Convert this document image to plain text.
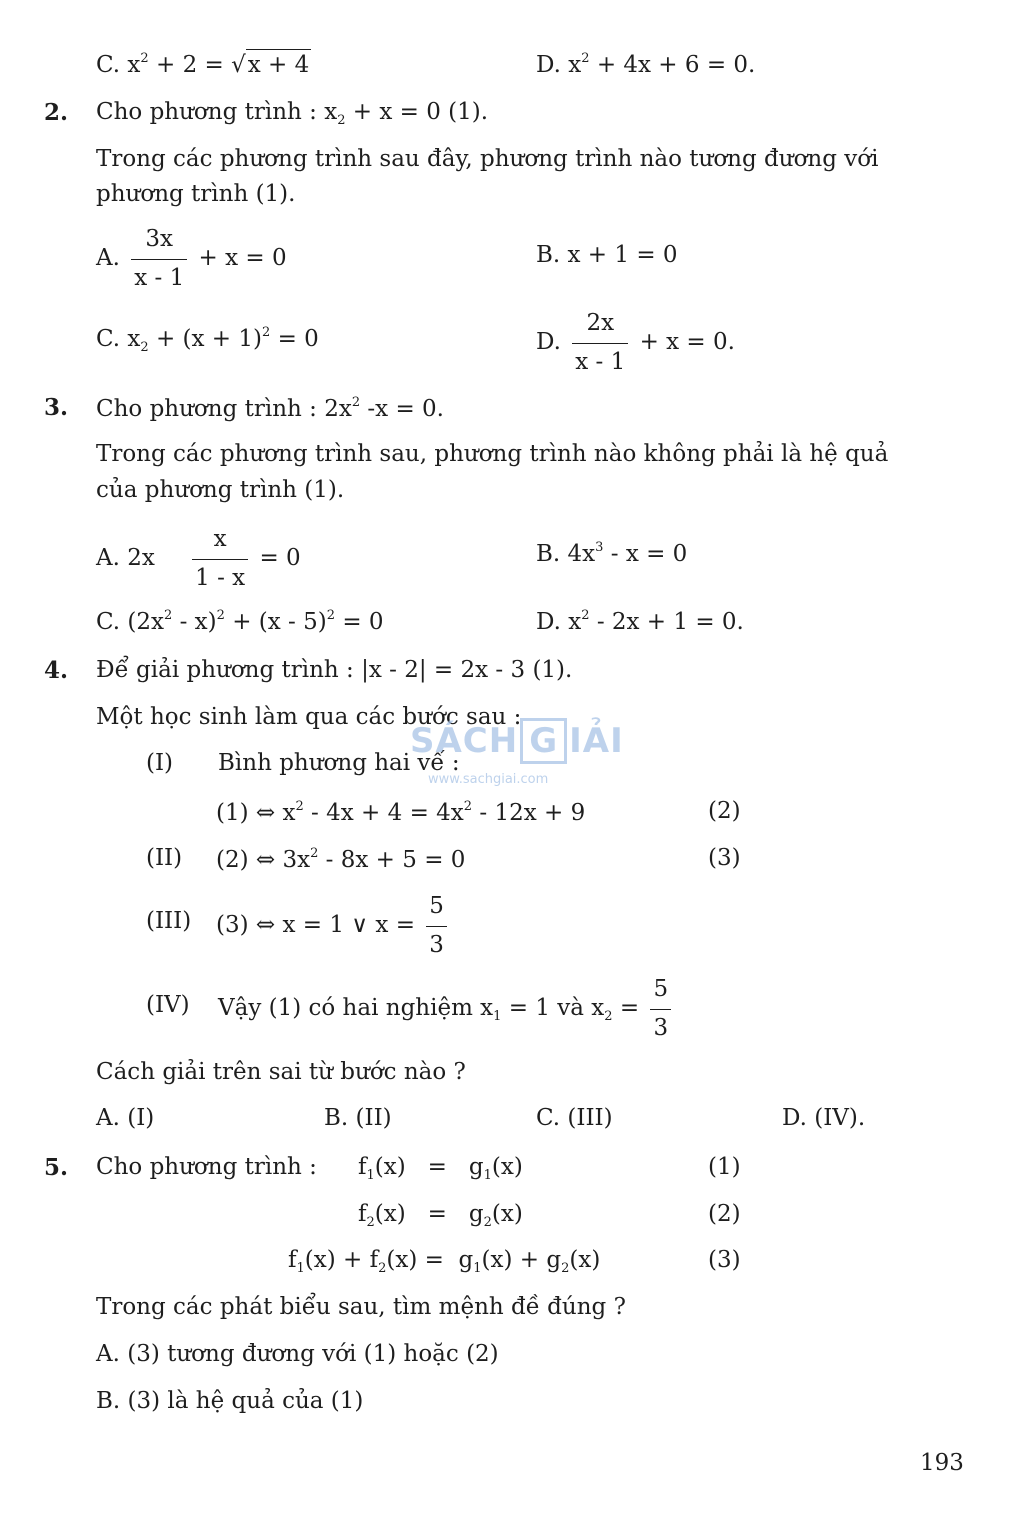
C. $x^2 + 2 = √x + 4$	D. $x^2 + 4x + 6 = 0$.
2. Cho phương trình : $x_2 + x = 0$ (1).
Trong các phương trình sau đây, phương trình nào tương đương với
phương trình (1).
A. $\frac{3x}{x - 1} + x = 0$	B. x + 1 = 0
C. $x_2 + (x + 1)^2 = 0$	D. $\frac{2x}{x - 1} + x = 0$.
3. Cho phương trình : $2x^2$ -x = 0.
Trong các phương trình sau, phương trình nào không phải là hệ quả
của phương trình (1).
A. $2x \frac{x}{1 - x} = 0$	B. $4x^3 - x = 0$
C. $(2x^2 - x)^2 + (x - 5)^2 = 0$	D. $x^2 - 2x + 1 = 0$.
4. Để giải phương trình : |x - 2| = 2x - 3 (1).
Một học sinh làm qua các bước sau :
(I) Bình phương hai vế :
(1) ⇔ $x^2 - 4x + 4 = 4x^2 - 12x + 9$	(2)
(II) (2) ⇔ $3x^2 - 8x + 5 = 0$	(3)
(III) (3) ⇔ x = 1 ∨ $x = \frac{5}{3}$
(IV) Vậy (1) có hai nghiệm $x_1 = 1$ và $x_2 = \frac{5}{3}$
Cách giải trên sai từ bước nào ?
A. (I)	B. (II)	C. (III)	D. (IV).
5. Cho phương trình : $f_1(x) = g_1(x)$	(1)
$f_2(x) = g_2(x)$	(2)
$f_1(x) + f_2(x) = g_1(x) + g_2(x)$	(3)
Trong các phát biểu sau, tìm mệnh đề đúng ?
A. (3) tương đương với (1) hoặc (2)
B. (3) là hệ quả của (1)
193
SÁCH G IẢI
www.sachgiai.com
